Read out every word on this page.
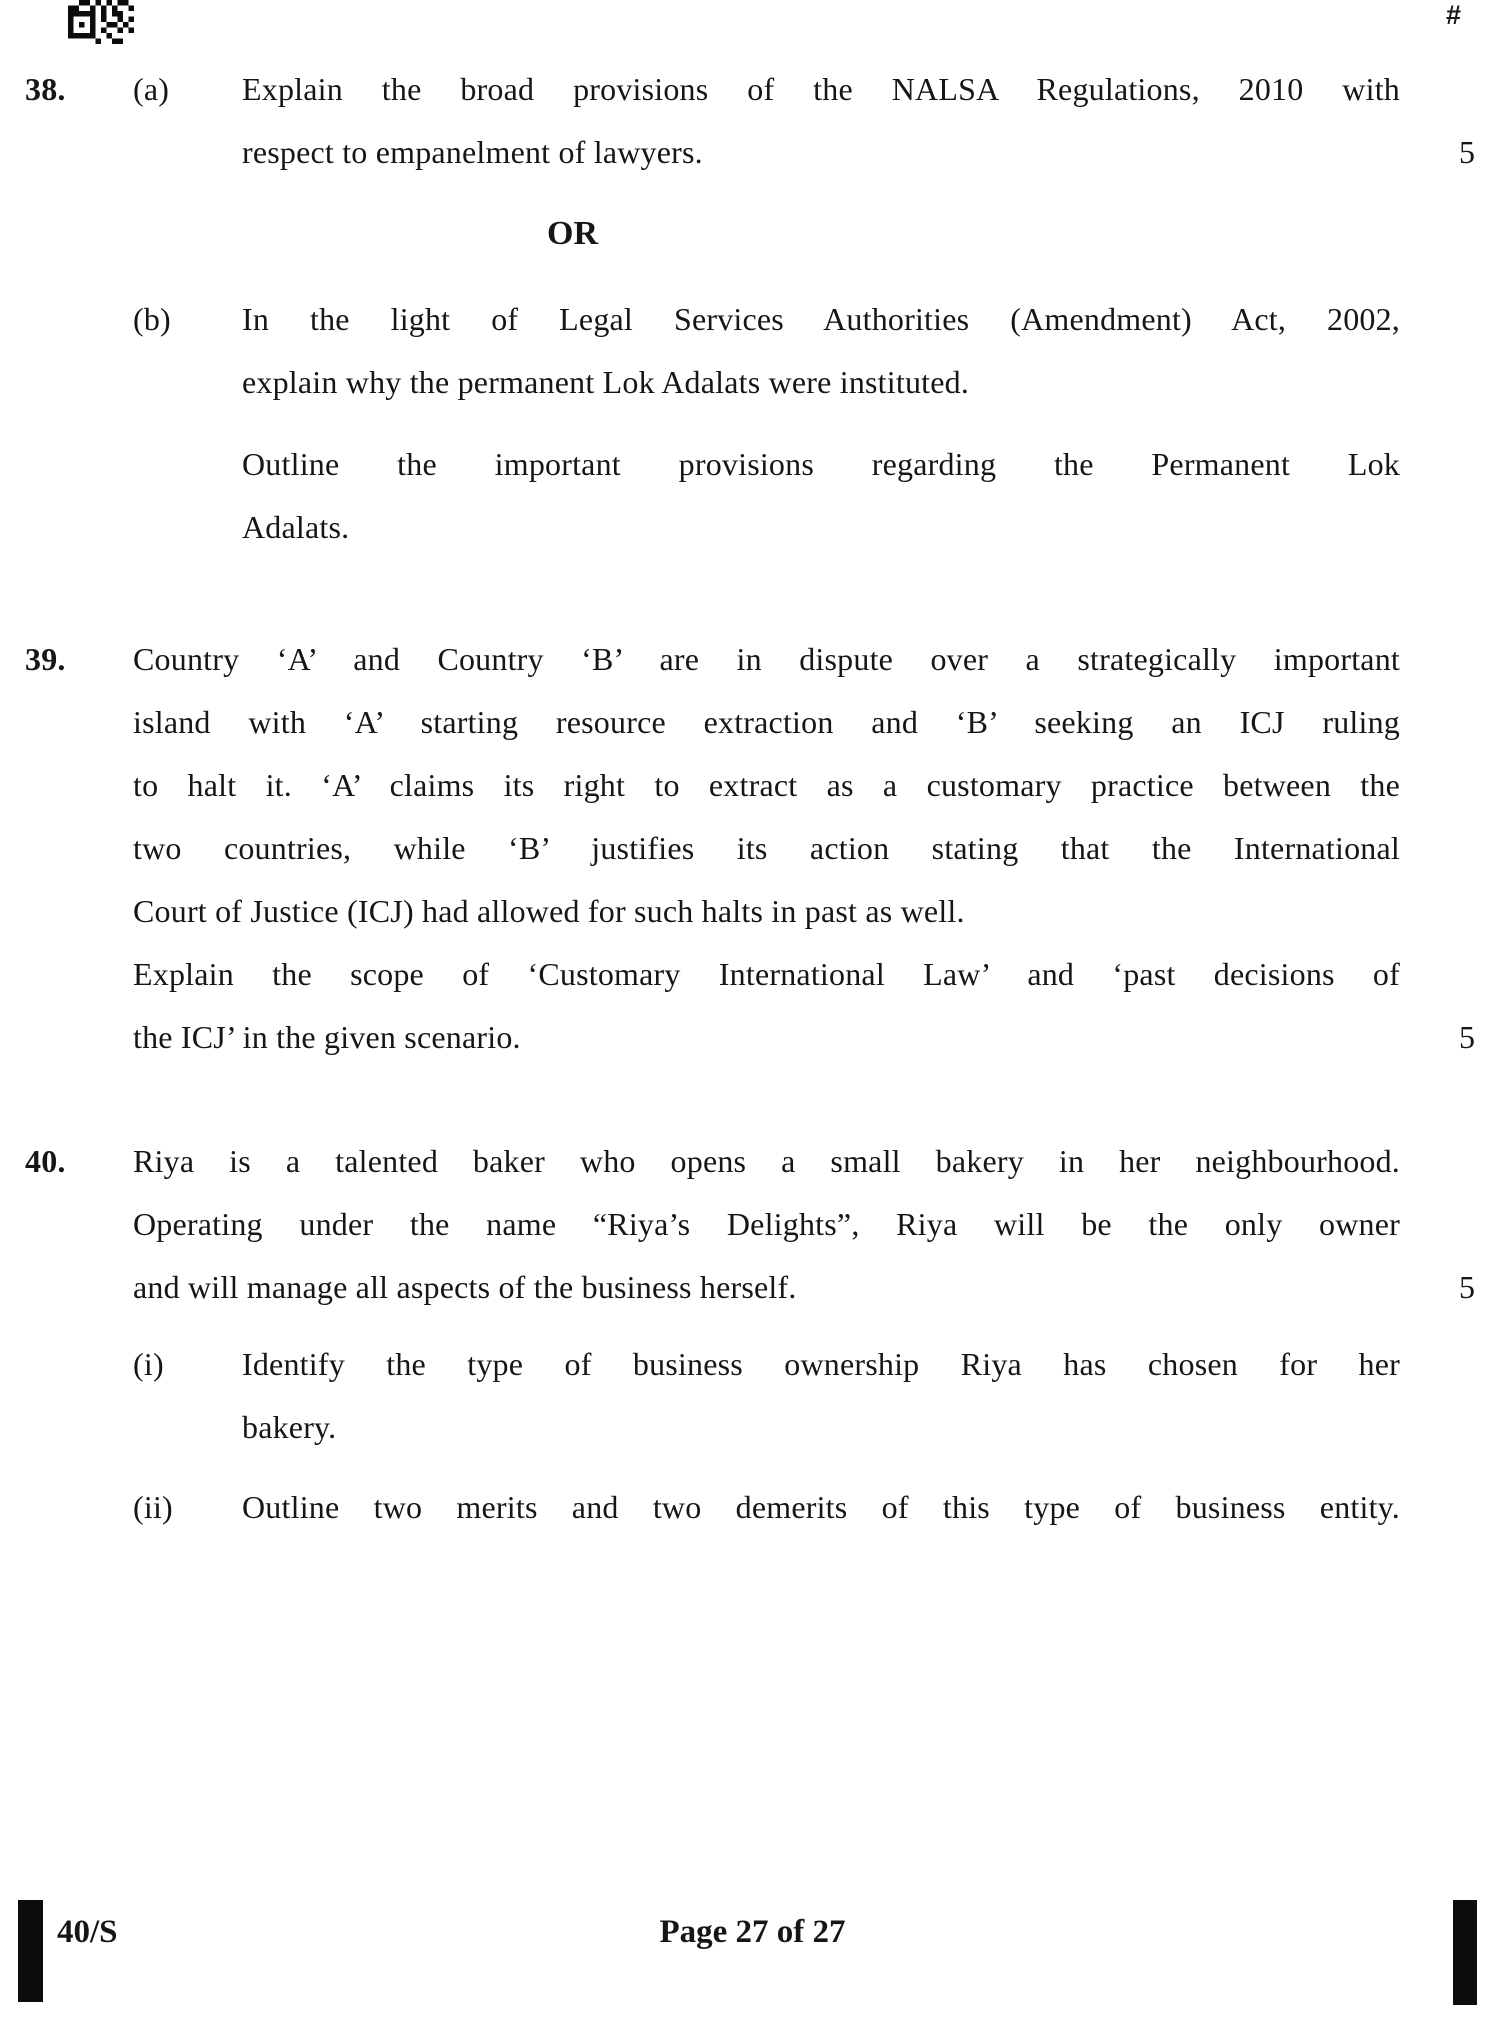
#
38. (a) Explain the broad provisions of the NALSA Regulations, 2010 with
respect to empanelment of lawyers.	5
OR
(b) In the light of Legal Services Authorities (Amendment) Act, 2002,
explain why the permanent Lok Adalats were instituted.
Outline the important provisions regarding the Permanent Lok
Adalats.
39. Country ‘A’ and Country ‘B’ are in dispute over a strategically important
island with ‘A’ starting resource extraction and ‘B’ seeking an ICJ ruling
to halt it. ‘A’ claims its right to extract as a customary practice between the
two countries, while ‘B’ justifies its action stating that the International
Court of Justice (ICJ) had allowed for such halts in past as well.
Explain the scope of ‘Customary International Law’ and ‘past decisions of
the ICJ’ in the given scenario.	5
40. Riya is a talented baker who opens a small bakery in her neighbourhood.
Operating under the name “Riya’s Delights”, Riya will be the only owner
and will manage all aspects of the business herself.	5
(i) Identify the type of business ownership Riya has chosen for her
bakery.
(ii) Outline two merits and two demerits of this type of business entity.
40/S	Page 27 of 27
